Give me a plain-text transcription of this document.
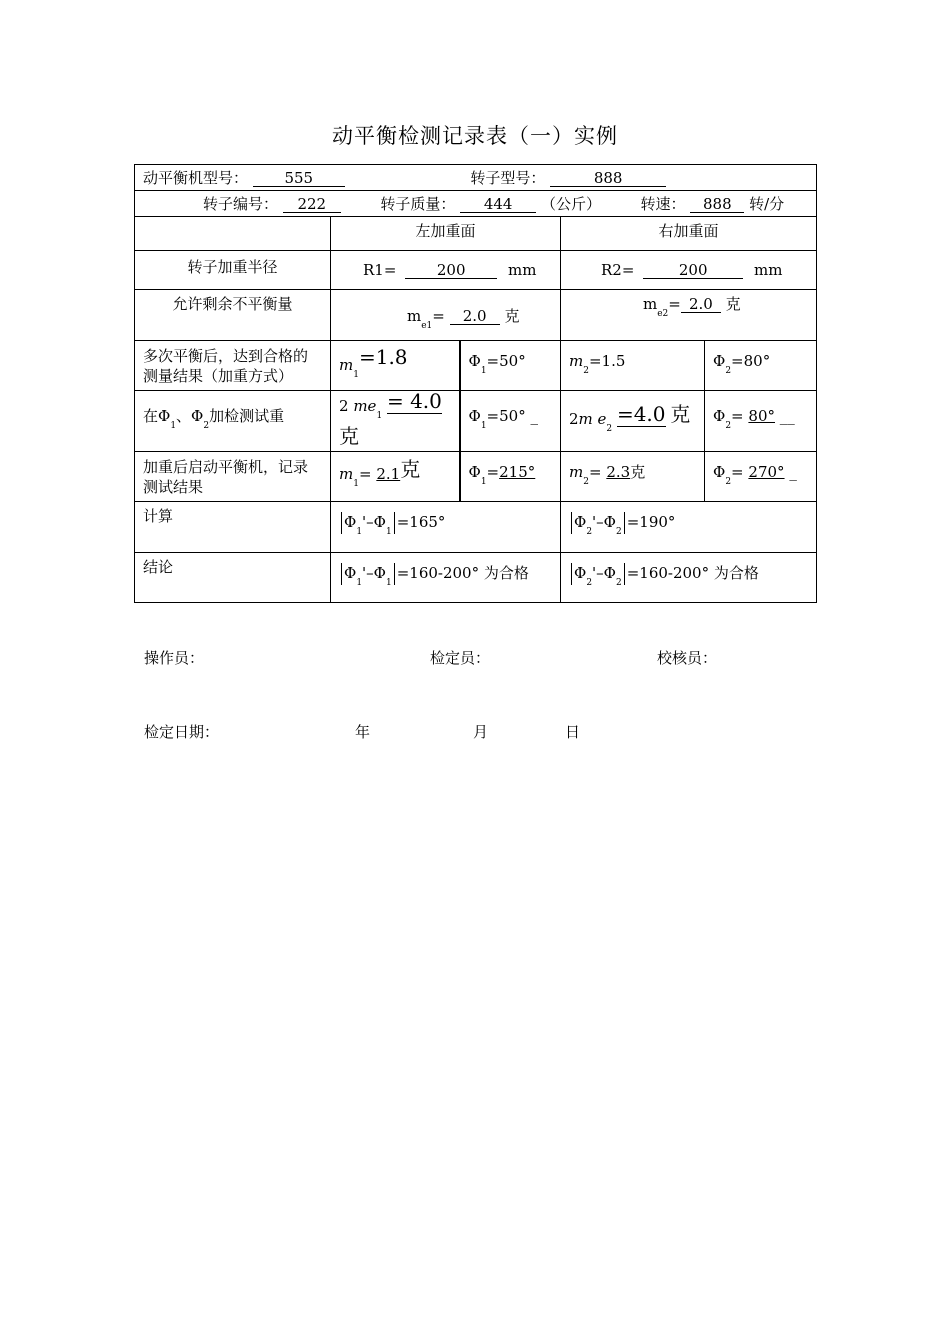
动平衡检测记录表（一）实例
动平衡机型号： 555 转子型号： 888				
转子编号： 222 转子质量： 444 （公斤） 转速： 888 转/分				
	左加重面		右加重面	
转子加重半径	R1= 200 mm		R2= 200 mm	
允许剩余不平衡量	$m_{e1}= 2.0$ 克		$m_{e2}= 2.0$ 克	

多次平衡后，达到合格的
测量结果（加重方式）	$m_1=1.8$	$\Phi_1=50^\circ$	$m_2=1.5$	$\Phi_2=80^\circ$
在$\Phi_1$、$\Phi_2$加检测试重	2 $me_1 = 4.0$克	$\Phi_1=50^\circ$ _	2m $e_2 =4.0$ 克	$\Phi_2= 80^\circ$ __

加重后启动平衡机，记录
测试结果	$m_1= 2.1$克	$\Phi_1=215^\circ$	$m_2= 2.3$克	$\Phi_2= 270^\circ$ _
计算	$\Phi_1'-\Phi_1=165^\circ$		$\Phi_2'-\Phi_2=190^\circ$	
结论	$\Phi_1'-\Phi_1=160-200^\circ$ 为合格		$\Phi_2'-\Phi_2=160-200^\circ$ 为合格	
操作员：	检定员：	校核员：
检定日期：	年	月	日
